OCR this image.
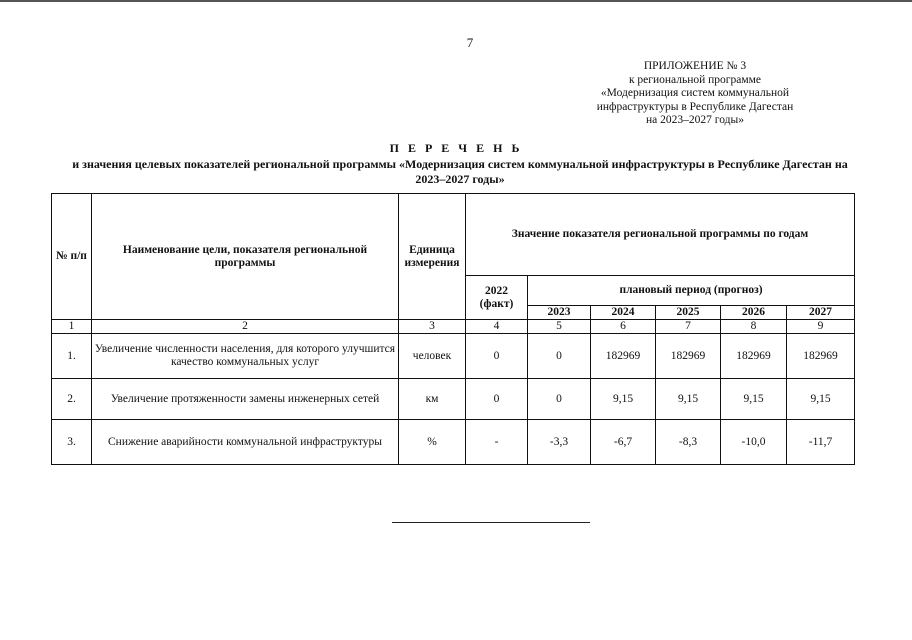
7
ПРИЛОЖЕНИЕ № 3
к региональной программе
«Модернизация систем коммунальной
инфраструктуры в Республике Дагестан
на 2023–2027 годы»
П Е Р Е Ч Е Н Ь
и значения целевых показателей региональной программы «Модернизация систем коммунальной инфраструктуры в Республике Дагестан на 2023–2027 годы»
№ п/п	Наименование цели, показателя региональной программы	Единица измерения	Значение показателя региональной программы по годам					
			2022 (факт)	плановый период (прогноз)				
				2023	2024	2025	2026	2027
1	2	3	4	5	6	7	8	9
1.	Увеличение численности населения, для которого улучшится качество коммунальных услуг	человек	0	0	182969	182969	182969	182969
2.	Увеличение протяженности замены инженерных сетей	км	0	0	9,15	9,15	9,15	9,15
3.	Снижение аварийности коммунальной инфраструктуры	%	-	-3,3	-6,7	-8,3	-10,0	-11,7
